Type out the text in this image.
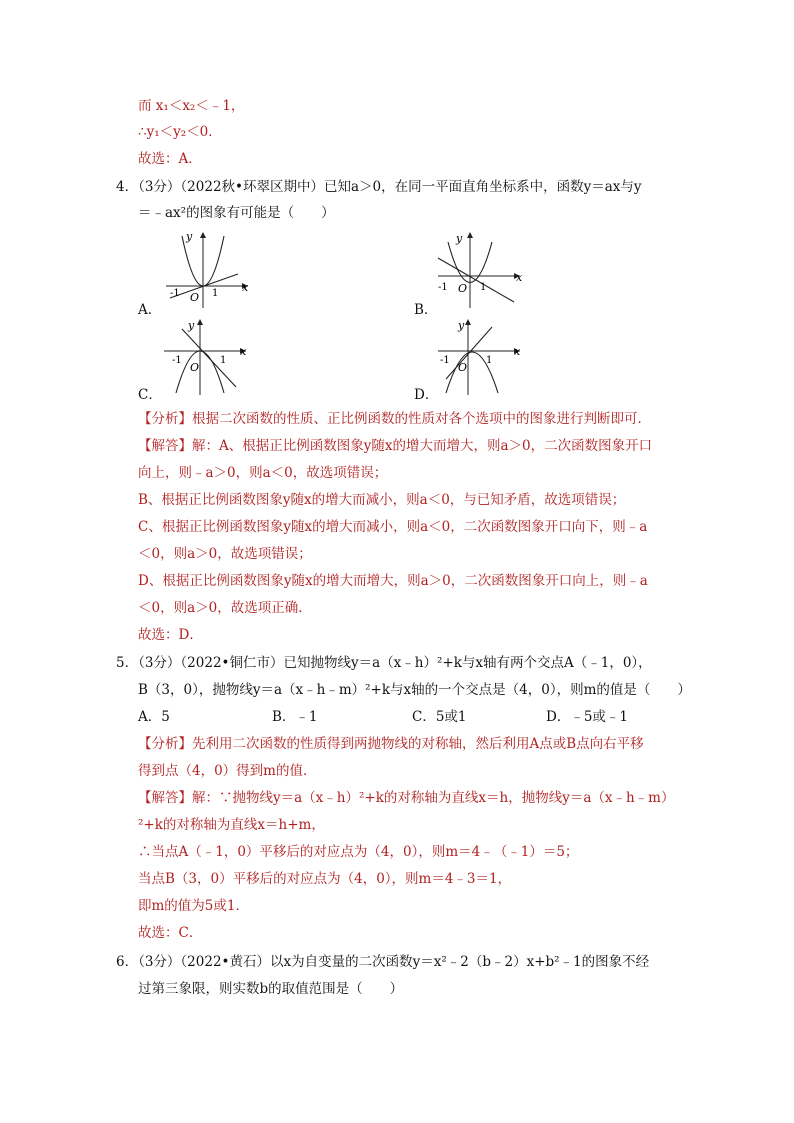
而 x₁＜x₂＜﹣1，
∴y₁＜y₂＜0．
故选：A．
4．（3分）（2022秋•环翠区期中）已知a＞0，在同一平面直角坐标系中，函数y＝ax与y
＝﹣ax²的图象有可能是（　　）
A．
y
x
O
-1	1
B．
y
x
O
-1	1
C．
y
x
O
-1	1
D．
y
x
O
-1	1
【分析】根据二次函数的性质、正比例函数的性质对各个选项中的图象进行判断即可．
【解答】解：A、根据正比例函数图象y随x的增大而增大，则a＞0，二次函数图象开口
向上，则﹣a＞0，则a＜0，故选项错误；
B、根据正比例函数图象y随x的增大而减小，则a＜0，与已知矛盾，故选项错误；
C、根据正比例函数图象y随x的增大而减小，则a＜0，二次函数图象开口向下，则﹣a
＜0，则a＞0，故选项错误；
D、根据正比例函数图象y随x的增大而增大，则a＞0，二次函数图象开口向上，则﹣a
＜0，则a＞0，故选项正确．
故选：D．
5．（3分）（2022•铜仁市）已知抛物线y＝a（x﹣h）²+k与x轴有两个交点A（﹣1，0），
B（3，0），抛物线y＝a（x﹣h﹣m）²+k与x轴的一个交点是（4，0），则m的值是（　　）
A．5	B．﹣1	C．5或1	D．﹣5或﹣1
【分析】先利用二次函数的性质得到两抛物线的对称轴，然后利用A点或B点向右平移
得到点（4，0）得到m的值．
【解答】解：∵抛物线y＝a（x﹣h）²+k的对称轴为直线x＝h，抛物线y＝a（x﹣h﹣m）
²+k的对称轴为直线x＝h+m，
∴当点A（﹣1，0）平移后的对应点为（4，0），则m＝4﹣（﹣1）＝5；
当点B（3，0）平移后的对应点为（4，0），则m＝4﹣3＝1，
即m的值为5或1．
故选：C．
6．（3分）（2022•黄石）以x为自变量的二次函数y＝x²﹣2（b﹣2）x+b²﹣1的图象不经
过第三象限，则实数b的取值范围是（　　）
